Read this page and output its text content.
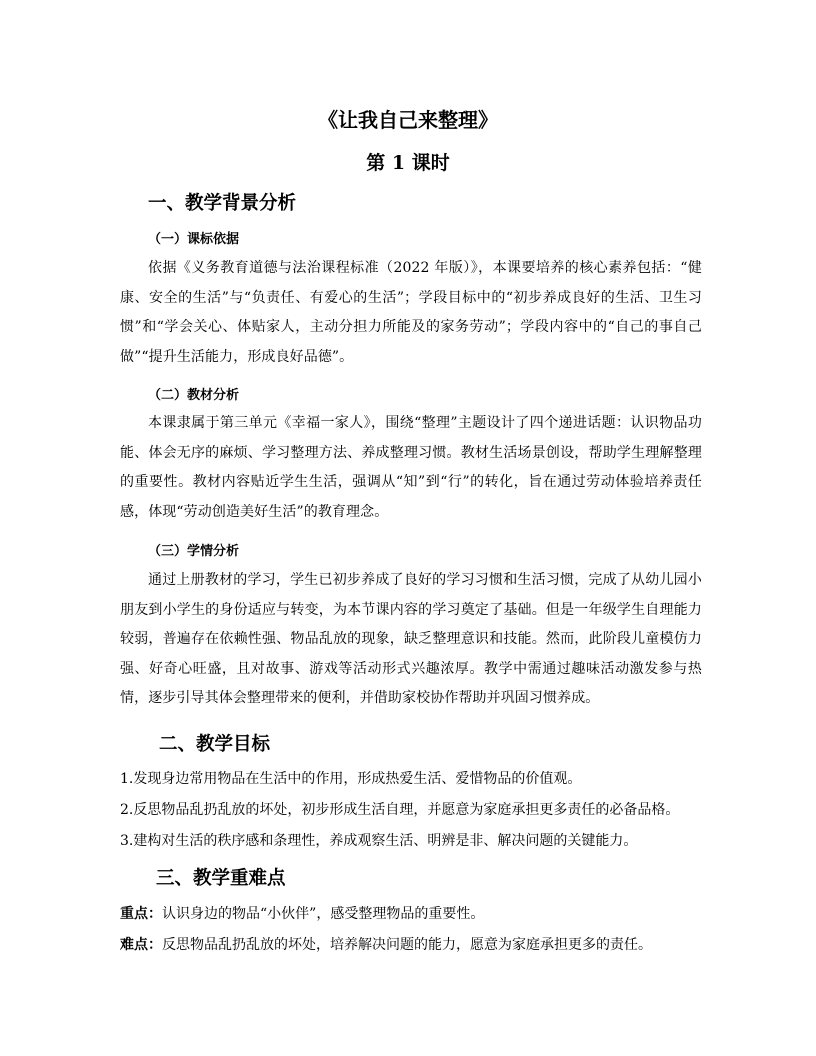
《让我自己来整理》
第 1 课时
一、教学背景分析
（一）课标依据
依据《义务教育道德与法治课程标准（2022 年版）》，本课要培养的核心素养包括：“健康、安全的生活”与“负责任、有爱心的生活”；学段目标中的“初步养成良好的生活、卫生习惯”和“学会关心、体贴家人，主动分担力所能及的家务劳动”；学段内容中的“自己的事自己做”“提升生活能力，形成良好品德”。
（二）教材分析
本课隶属于第三单元《幸福一家人》，围绕“整理”主题设计了四个递进话题：认识物品功能、体会无序的麻烦、学习整理方法、养成整理习惯。教材生活场景创设，帮助学生理解整理的重要性。教材内容贴近学生生活，强调从“知”到“行”的转化，旨在通过劳动体验培养责任感，体现“劳动创造美好生活”的教育理念。
（三）学情分析
通过上册教材的学习，学生已初步养成了良好的学习习惯和生活习惯，完成了从幼儿园小朋友到小学生的身份适应与转变，为本节课内容的学习奠定了基础。但是一年级学生自理能力较弱，普遍存在依赖性强、物品乱放的现象，缺乏整理意识和技能。然而，此阶段儿童模仿力强、好奇心旺盛，且对故事、游戏等活动形式兴趣浓厚。教学中需通过趣味活动激发参与热情，逐步引导其体会整理带来的便利，并借助家校协作帮助并巩固习惯养成。
二、教学目标
1.发现身边常用物品在生活中的作用，形成热爱生活、爱惜物品的价值观。
2.反思物品乱扔乱放的坏处，初步形成生活自理，并愿意为家庭承担更多责任的必备品格。
3.建构对生活的秩序感和条理性，养成观察生活、明辨是非、解决问题的关键能力。
三、教学重难点
重点：认识身边的物品“小伙伴”，感受整理物品的重要性。
难点：反思物品乱扔乱放的坏处，培养解决问题的能力，愿意为家庭承担更多的责任。
